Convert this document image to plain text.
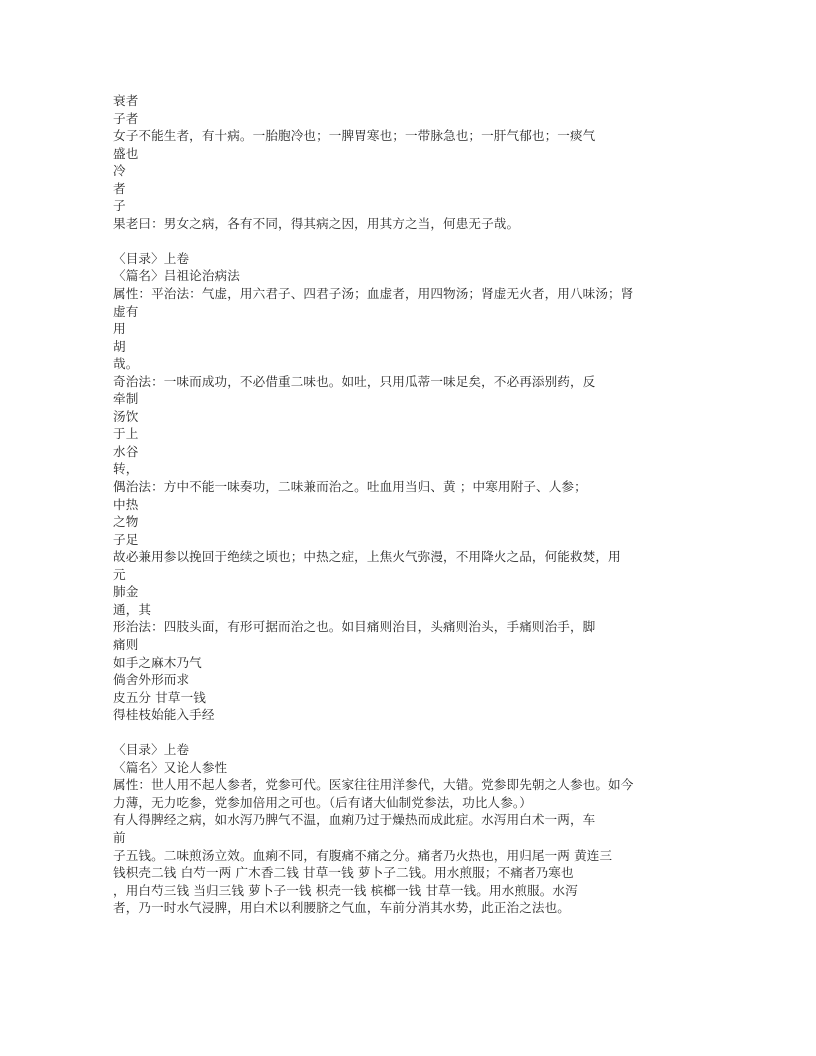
衰者
子者
女子不能生者，有十病。一胎胞冷也；一脾胃寒也；一带脉急也；一肝气郁也；一痰气
盛也
冷
者
子
果老曰：男女之病，各有不同，得其病之因，用其方之当，何患无子哉。
〈目录〉上卷
〈篇名〉吕祖论治病法
属性：平治法：气虚，用六君子、四君子汤；血虚者，用四物汤；肾虚无火者，用八味汤；肾
虚有
用
胡
哉。
奇治法：一味而成功，不必借重二味也。如吐，只用瓜蒂一味足矣，不必再添别药，反
牵制
汤饮
于上
水谷
转，
偶治法：方中不能一味奏功，二味兼而治之。吐血用当归、黄 ；中寒用附子、人参；
中热
之物
子足
故必兼用参以挽回于绝续之顷也；中热之症，上焦火气弥漫，不用降火之品，何能救焚，用
元
肺金
通，其
形治法：四肢头面，有形可据而治之也。如目痛则治目，头痛则治头，手痛则治手，脚
痛则
如手之麻木乃气
倘舍外形而求
皮五分 甘草一钱
得桂枝始能入手经
〈目录〉上卷
〈篇名〉又论人参性
属性：世人用不起人参者，党参可代。医家往往用洋参代，大错。党参即先朝之人参也。如今
力薄，无力吃参，党参加倍用之可也。（后有诸大仙制党参法，功比人参。）
有人得脾经之病，如水泻乃脾气不温，血痢乃过于燥热而成此症。水泻用白术一两，车
前
子五钱。二味煎汤立效。血痢不同，有腹痛不痛之分。痛者乃火热也，用归尾一两 黄连三
钱枳壳二钱 白芍一两 广木香二钱 甘草一钱 萝卜子二钱。用水煎服；不痛者乃寒也
，用白芍三钱 当归三钱 萝卜子一钱 枳壳一钱 槟榔一钱 甘草一钱。用水煎服。水泻
者，乃一时水气浸脾，用白术以利腰脐之气血，车前分消其水势，此正治之法也。
